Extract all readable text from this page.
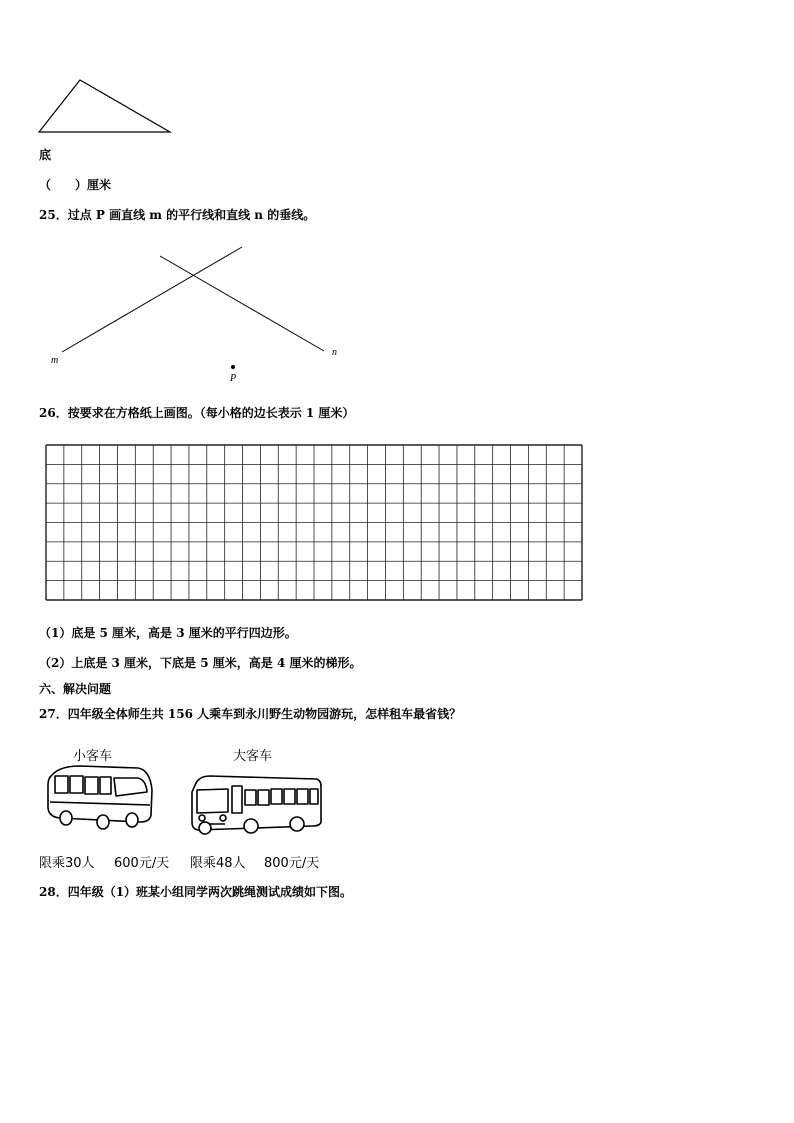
底
（　　）厘米
25．过点 P 画直线 m 的平行线和直线 n 的垂线。
m
n
P
26．按要求在方格纸上画图。（每小格的边长表示 1 厘米）
（1）底是 5 厘米，高是 3 厘米的平行四边形。
（2）上底是 3 厘米，下底是 5 厘米，高是 4 厘米的梯形。
六、解决问题
27．四年级全体师生共 156 人乘车到永川野生动物园游玩，怎样租车最省钱？
小客车	大客车
限乘30人 600元/天 限乘48人 800元/天
28．四年级（1）班某小组同学两次跳绳测试成绩如下图。
